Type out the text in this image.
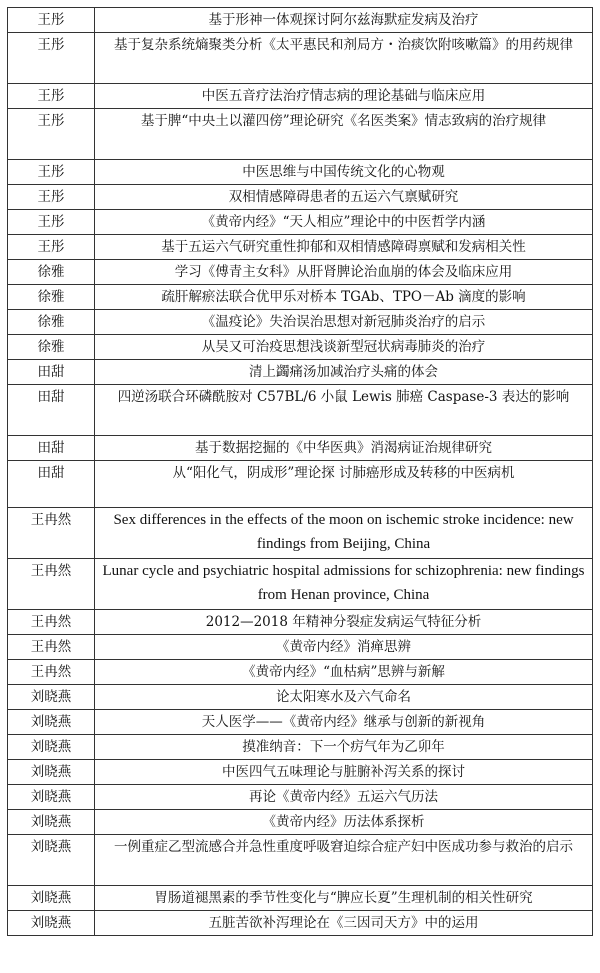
王彤	基于形神一体观探讨阿尔兹海默症发病及治疗
王彤	基于复杂系统熵聚类分析《太平惠民和剂局方・治痰饮附咳嗽篇》的用药规律
王彤	中医五音疗法治疗情志病的理论基础与临床应用
王彤	基于脾“中央土以灌四傍”理论研究《名医类案》情志致病的治疗规律
王彤	中医思维与中国传统文化的心物观
王彤	双相情感障碍患者的五运六气禀赋研究
王彤	《黄帝内经》“天人相应”理论中的中医哲学内涵
王彤	基于五运六气研究重性抑郁和双相情感障碍禀赋和发病相关性
徐雅	学习《傅青主女科》从肝肾脾论治血崩的体会及临床应用
徐雅	疏肝解瘀法联合优甲乐对桥本 TGAb、TPO－Ab 滴度的影响
徐雅	《温疫论》失治误治思想对新冠肺炎治疗的启示
徐雅	从吴又可治疫思想浅谈新型冠状病毒肺炎的治疗
田甜	清上蠲痛汤加减治疗头痛的体会
田甜	四逆汤联合环磷酰胺对 C57BL/6 小鼠 Lewis 肺癌 Caspase-3 表达的影响
田甜	基于数据挖掘的《中华医典》消渴病证治规律研究
田甜	从“阳化气，阴成形”理论探 讨肺癌形成及转移的中医病机
王冉然	Sex differences in the effects of the moon on ischemic stroke incidence: new findings from Beijing, China
王冉然	Lunar cycle and psychiatric hospital admissions for schizophrenia: new findings from Henan province, China
王冉然	2012—2018 年精神分裂症发病运气特征分析
王冉然	《黄帝内经》消瘅思辨
王冉然	《黄帝内经》“血枯病”思辨与新解
刘晓燕	论太阳寒水及六气命名
刘晓燕	天人医学——《黄帝内经》继承与创新的新视角
刘晓燕	摸准纳音：下一个疠气年为乙卯年
刘晓燕	中医四气五味理论与脏腑补泻关系的探讨
刘晓燕	再论《黄帝内经》五运六气历法
刘晓燕	《黄帝内经》历法体系探析
刘晓燕	一例重症乙型流感合并急性重度呼吸窘迫综合症产妇中医成功参与救治的启示
刘晓燕	胃肠道褪黑素的季节性变化与“脾应长夏”生理机制的相关性研究
刘晓燕	五脏苦欲补泻理论在《三因司天方》中的运用
